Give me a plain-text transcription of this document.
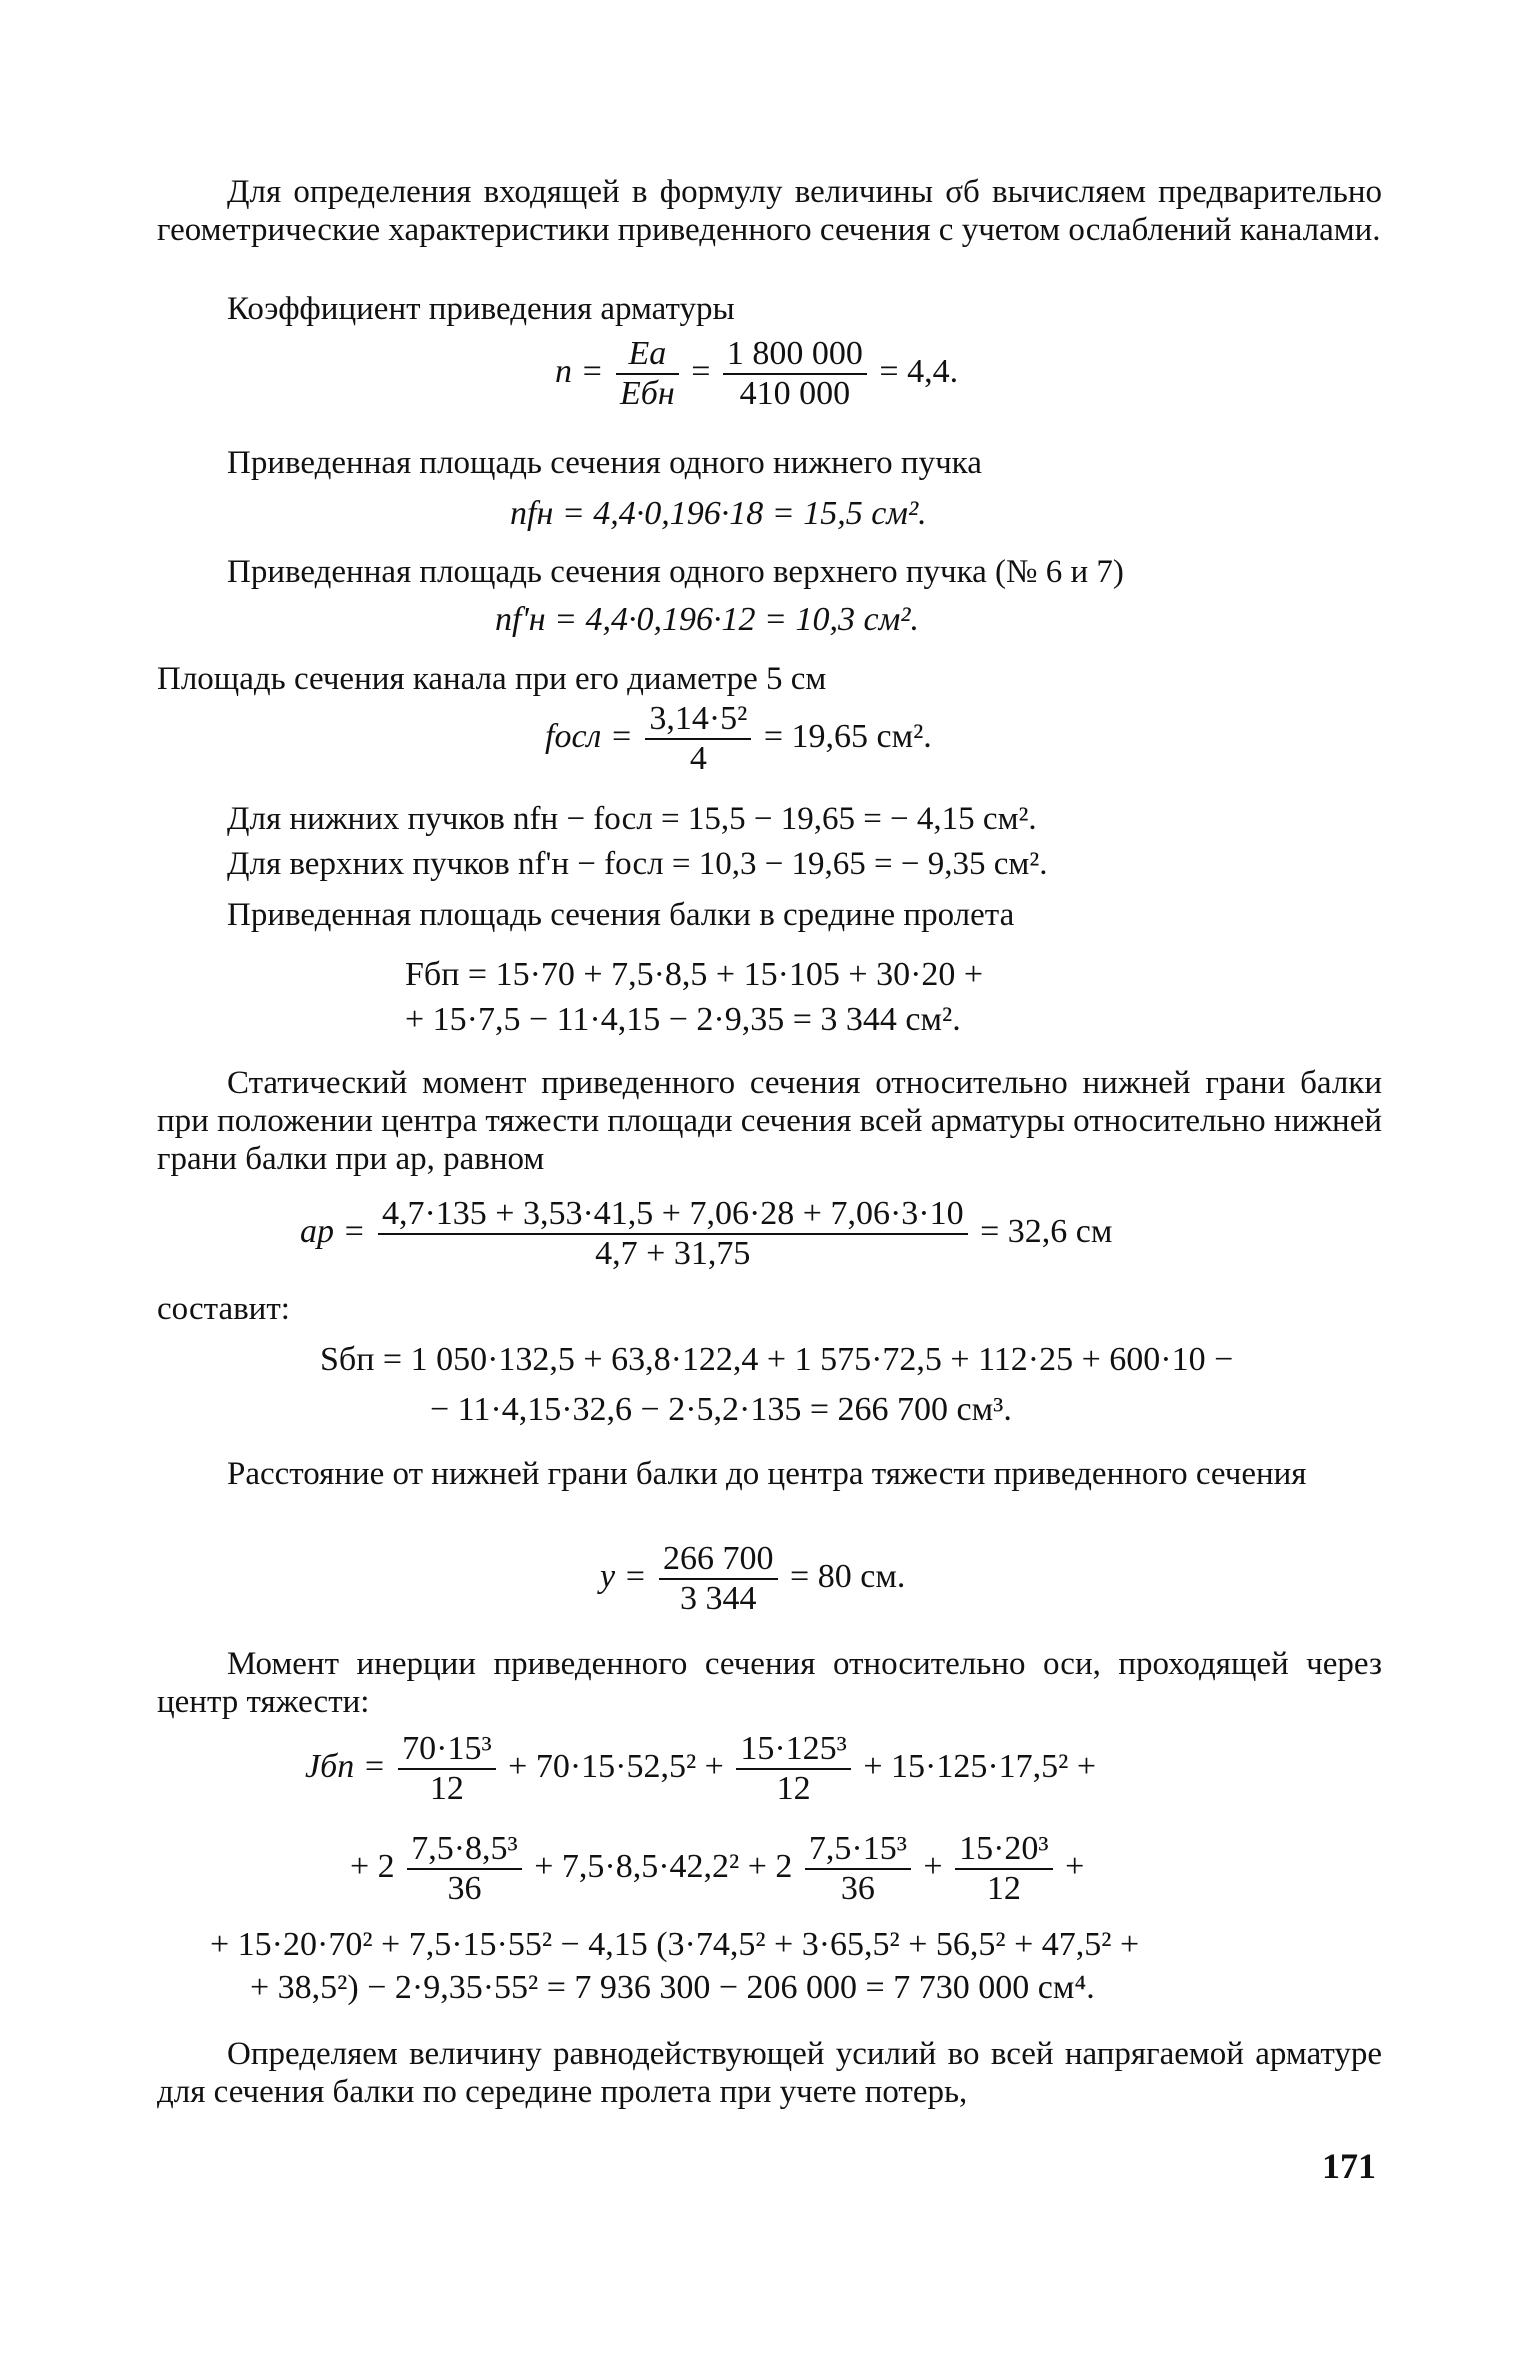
Для определения входящей в формулу величины σб вычисляем предварительно геометрические характеристики приведенного сечения с учетом ослаблений каналами.
Коэффициент приведения арматуры
$n = \frac{Eа}{\text{Eбн}} = \frac{1 800 000}{410 000} = 4,4$.
Приведенная площадь сечения одного нижнего пучка
nfн = 4,4·0,196·18 = 15,5 см².
Приведенная площадь сечения одного верхнего пучка (№ 6 и 7)
nf'н = 4,4·0,196·12 = 10,3 см².
Площадь сечения канала при его диаметре 5 см
fосл = $\frac{\text{3,14·5²}}{4} = 19,65$ см².
Для нижних пучков nfн − fосл = 15,5 − 19,65 = − 4,15 см².
Для верхних пучков nf'н − fосл = 10,3 − 19,65 = − 9,35 см².
Приведенная площадь сечения балки в средине пролета
Fбп = 15·70 + 7,5·8,5 + 15·105 + 30·20 +
+ 15·7,5 − 11·4,15 − 2·9,35 = 3 344 см².
Статический момент приведенного сечения относительно нижней грани балки при положении центра тяжести площади сечения всей арматуры относительно нижней грани балки при aр, равном
aр = $\frac{4,7\cdot 135 + 3,53\cdot 41,5 + 7,06\cdot 28 + 7,06\cdot 3\cdot 10}{4,7 + 31,75} = 32,6$ см
составит:
Sбп = 1 050·132,5 + 63,8·122,4 + 1 575·72,5 + 112·25 + 600·10 −
− 11·4,15·32,6 − 2·5,2·135 = 266 700 см³.
Расстояние от нижней грани балки до центра тяжести приведенного сечения
$y = \frac{266 700}{3 344} = 80$ см.
Момент инерции приведенного сечения относительно оси, проходящей через центр тяжести:
Jбп = $\frac{\text{70·15³}}{12} + 70\cdot 15\cdot 52,5^2 + \frac{\text{15·125³}}{12} + 15\cdot 125\cdot 17,5^2$ +
+ $2 \frac{\text{7,5·8,5³}}{36} + 7,5\cdot 8,5\cdot 42,2^2 + 2 \frac{\text{7,5·15³}}{36} + \frac{\text{15·20³}}{12}$ +
+ 15·20·70² + 7,5·15·55² − 4,15 (3·74,5² + 3·65,5² + 56,5² + 47,5² +
+ 38,5²) − 2·9,35·55² = 7 936 300 − 206 000 = 7 730 000 см⁴.
Определяем величину равнодействующей усилий во всей напрягаемой арматуре для сечения балки по середине пролета при учете потерь,
171
